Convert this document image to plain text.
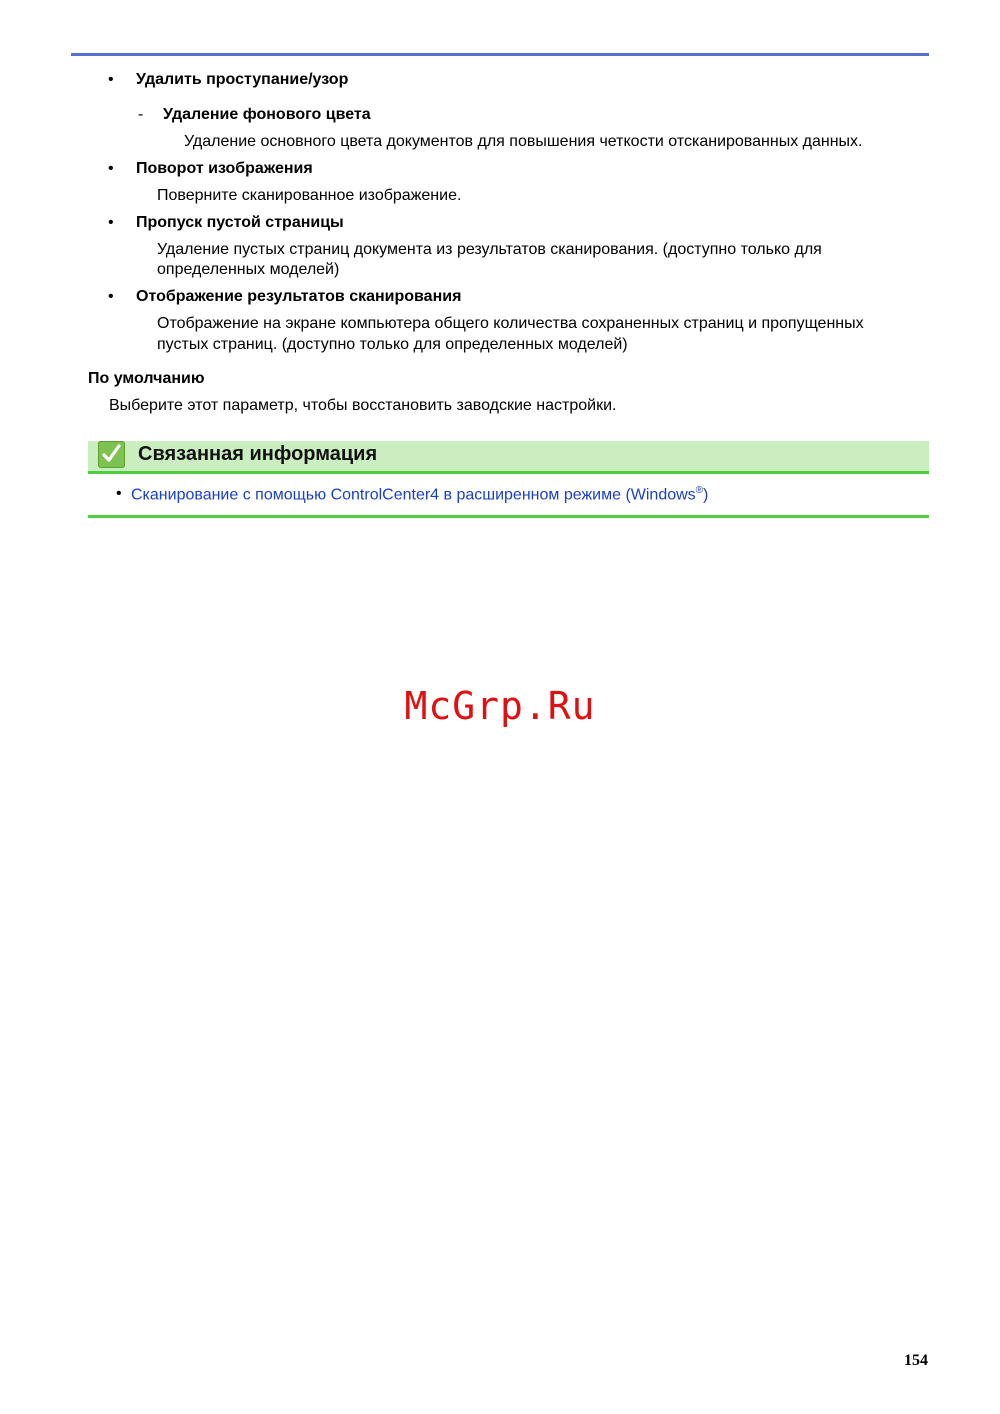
• Удалить проступание/узор
- Удаление фонового цвета
Удаление основного цвета документов для повышения четкости отсканированных данных.
• Поворот изображения
Поверните сканированное изображение.
• Пропуск пустой страницы
Удаление пустых страниц документа из результатов сканирования. (доступно только для
определенных моделей)
• Отображение результатов сканирования
Отображение на экране компьютера общего количества сохраненных страниц и пропущенных
пустых страниц. (доступно только для определенных моделей)
По умолчанию
Выберите этот параметр, чтобы восстановить заводские настройки.
Связанная информация
• Сканирование с помощью ControlCenter4 в расширенном режиме (Windows®)
McGrp.Ru
154
